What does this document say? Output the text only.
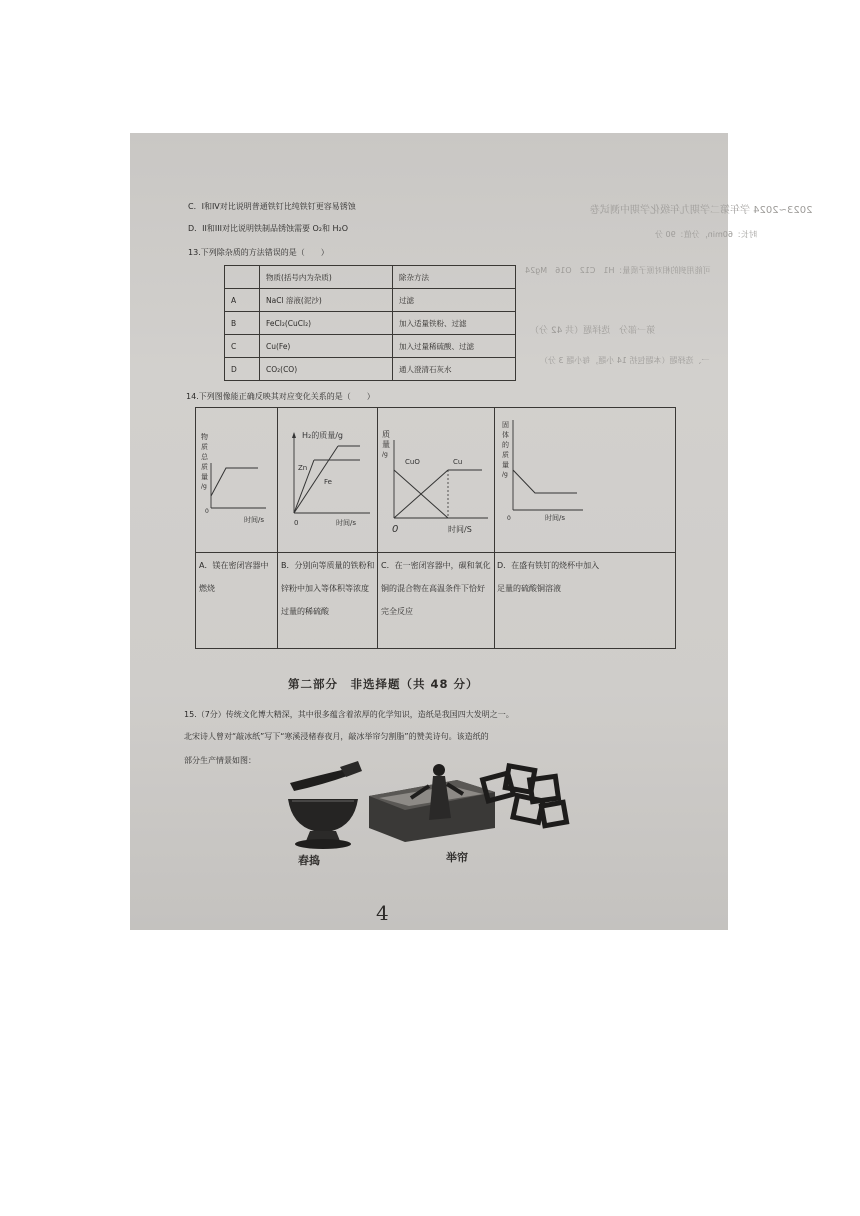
2023~2024 学年第二学期九年级化学期中测试卷
时长：60min，分值：90 分
可能用到的相对原子质量：H1　C12　O16　Mg24
第一部分　选择题（共 42 分）
一、选择题（本题包括 14 小题，每小题 3 分）
C．I和IV对比说明普通铁钉比纯铁钉更容易锈蚀
D．II和III对比说明铁制品锈蚀需要 O₂和 H₂O
13.下列除杂质的方法错误的是（　　）
	物质(括号内为杂质)	除杂方法
A	NaCl 溶液(泥沙)	过滤
B	FeCl₂(CuCl₂)	加入适量铁粉、过滤
C	Cu(Fe)	加入过量稀硫酸、过滤
D	CO₂(CO)	通人澄清石灰水
14.下列图像能正确反映其对应变化关系的是（　　）
0
时间/s
物
质
总
质
量
/g
Zn
Fe
H₂的质量/g
0	时间/s
CuO	Cu
0	时间/S
质
量
/g
0	时间/s
固
体
的
质
量
/g
A．镁在密闭容器中燃烧
B．分别向等质量的铁粉和锌粉中加入等体积等浓度过量的稀硫酸
C．在一密闭容器中，碳和氧化铜的混合物在高温条件下恰好完全反应
D．在盛有铁钉的烧杯中加入足量的硫酸铜溶液
第二部分　非选择题（共 48 分）
15.（7分）传统文化博大精深，其中很多蕴含着浓厚的化学知识，造纸是我国四大发明之一。
北宋诗人曾对“敲冰纸”写下“寒溪浸楮春夜月，敲冰举帘匀割脂”的赞美诗句。该造纸的
部分生产情景如图：
舂捣	举帘
4
